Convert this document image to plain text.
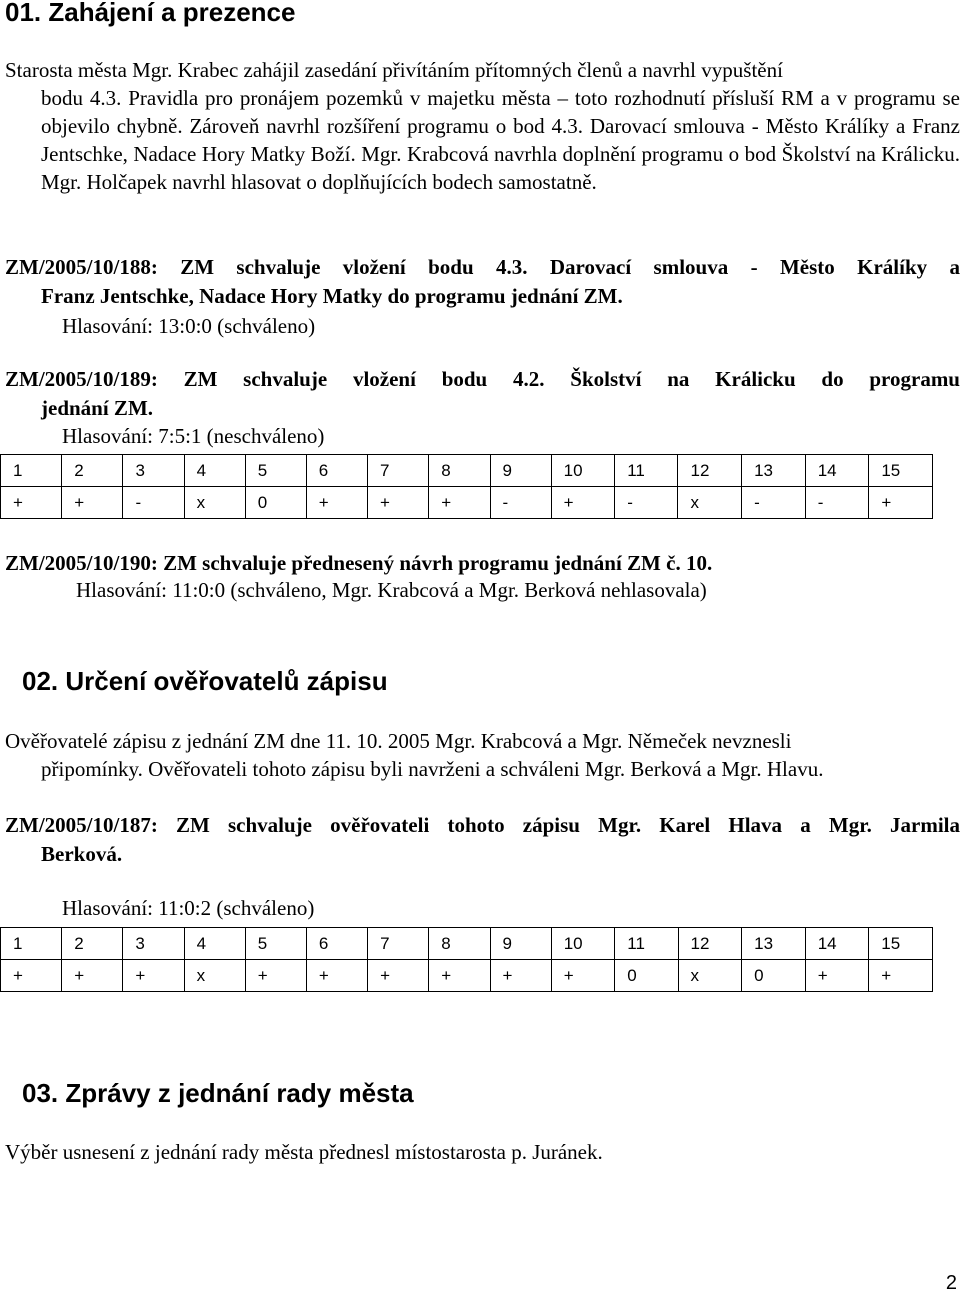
01. Zahájení a prezence

Starosta města Mgr. Krabec zahájil zasedání přivítáním přítomných členů a navrhl vypuštění

bodu 4.3. Pravidla pro pronájem pozemků v majetku města – toto rozhodnutí přísluší RM a v programu se objevilo chybně. Zároveň navrhl rozšíření programu o bod 4.3. Darovací smlouva - Město Králíky a Franz Jentschke, Nadace Hory Matky Boží. Mgr. Krabcová navrhla doplnění programu o bod Školství na Králicku. Mgr. Holčapek navrhl hlasovat o doplňujících bodech samostatně.

ZM/2005/10/188: ZM schvaluje vložení bodu 4.3. Darovací smlouva - Město Králíky a
Franz Jentschke, Nadace Hory Matky do programu jednání ZM.
Hlasování: 13:0:0 (schváleno)
ZM/2005/10/189: ZM schvaluje vložení bodu 4.2. Školství na Králicku do programu
jednání ZM.
Hlasování: 7:5:1 (neschváleno)
1	2	3	4	5	6	7	8	9	10	11	12	13	14	15
+	+	-	x	0	+	+	+	-	+	-	x	-	-	+
ZM/2005/10/190: ZM schvaluje přednesený návrh programu jednání ZM č. 10.
Hlasování: 11:0:0 (schváleno, Mgr. Krabcová a Mgr. Berková nehlasovala)
02. Určení ověřovatelů zápisu

Ověřovatelé zápisu z jednání ZM dne 11. 10. 2005 Mgr. Krabcová a Mgr. Němeček nevznesli

připomínky. Ověřovateli tohoto zápisu byli navrženi a schváleni Mgr. Berková a Mgr. Hlavu.

ZM/2005/10/187: ZM schvaluje ověřovateli tohoto zápisu Mgr. Karel Hlava a Mgr. Jarmila
Berková.
Hlasování: 11:0:2 (schváleno)
1	2	3	4	5	6	7	8	9	10	11	12	13	14	15
+	+	+	x	+	+	+	+	+	+	0	x	0	+	+
03. Zprávy z jednání rady města
Výběr usnesení z jednání rady města přednesl místostarosta p. Juránek.
2
